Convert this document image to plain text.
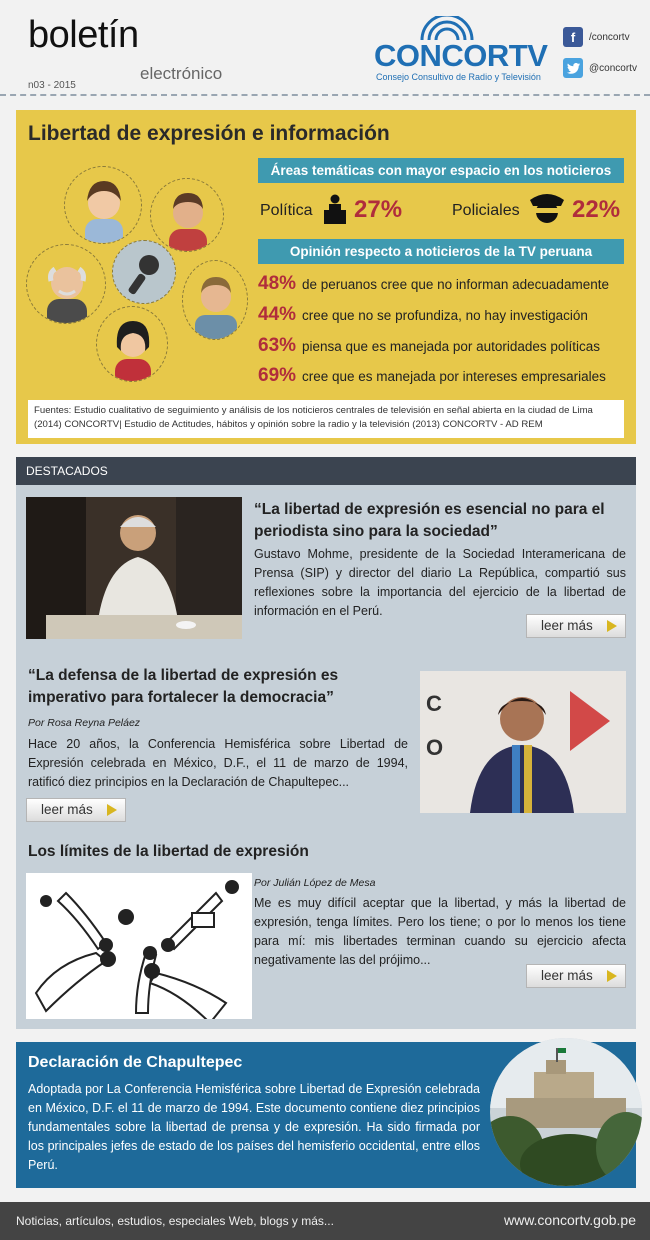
boletín
electrónico
n03 - 2015
CONCORTV
Consejo Consultivo de Radio y Televisión
f	/concortv
@concortv
Libertad de expresión e información
Áreas temáticas con mayor espacio en los noticieros
Política 27%	Policiales 22%
Opinión respecto a noticieros de la TV peruana
48% de peruanos cree que no informan adecuadamente
44% cree que no se profundiza, no hay investigación
63% piensa que es manejada por autoridades políticas
69% cree que es manejada por intereses empresariales
Fuentes: Estudio cualitativo de seguimiento y análisis de los noticieros centrales de televisión en señal abierta en la ciudad de Lima (2014) CONCORTV| Estudio de Actitudes, hábitos y opinión sobre la radio y la televisión (2013) CONCORTV - AD REM
DESTACADOS
“La libertad de expresión es esencial no para el periodista sino para la sociedad”
Gustavo Mohme, presidente de la Sociedad Interamericana de Prensa (SIP) y director del diario La República, compartió sus reflexiones sobre la importancia del ejercicio de la libertad de información en el Perú.
leer más
“La defensa de la libertad de expresión es imperativo para fortalecer la democracia”
Por Rosa Reyna Peláez
Hace 20 años, la Conferencia Hemisférica sobre Libertad de Expresión celebrada en México, D.F., el 11 de marzo de 1994, ratificó diez principios en la Declaración de Chapultepec...
leer más
C
O
Los límites de la libertad de expresión
Por Julián López de Mesa
Me es muy difícil aceptar que la libertad, y más la libertad de expresión, tenga límites. Pero los tiene; o por lo menos los tiene para mí: mis libertades terminan cuando su ejercicio afecta negativamente las del prójimo...
leer más
Declaración de Chapultepec
Adoptada por La Conferencia Hemisférica sobre Libertad de Expresión celebrada en México, D.F. el 11 de marzo de 1994. Este documento contiene diez principios fundamentales sobre la libertad de prensa y de expresión. Ha sido firmada por los principales jefes de estado de los países del hemisferio occidental, entre ellos Perú.
Noticias, artículos, estudios, especiales Web, blogs y más...	www.concortv.gob.pe
